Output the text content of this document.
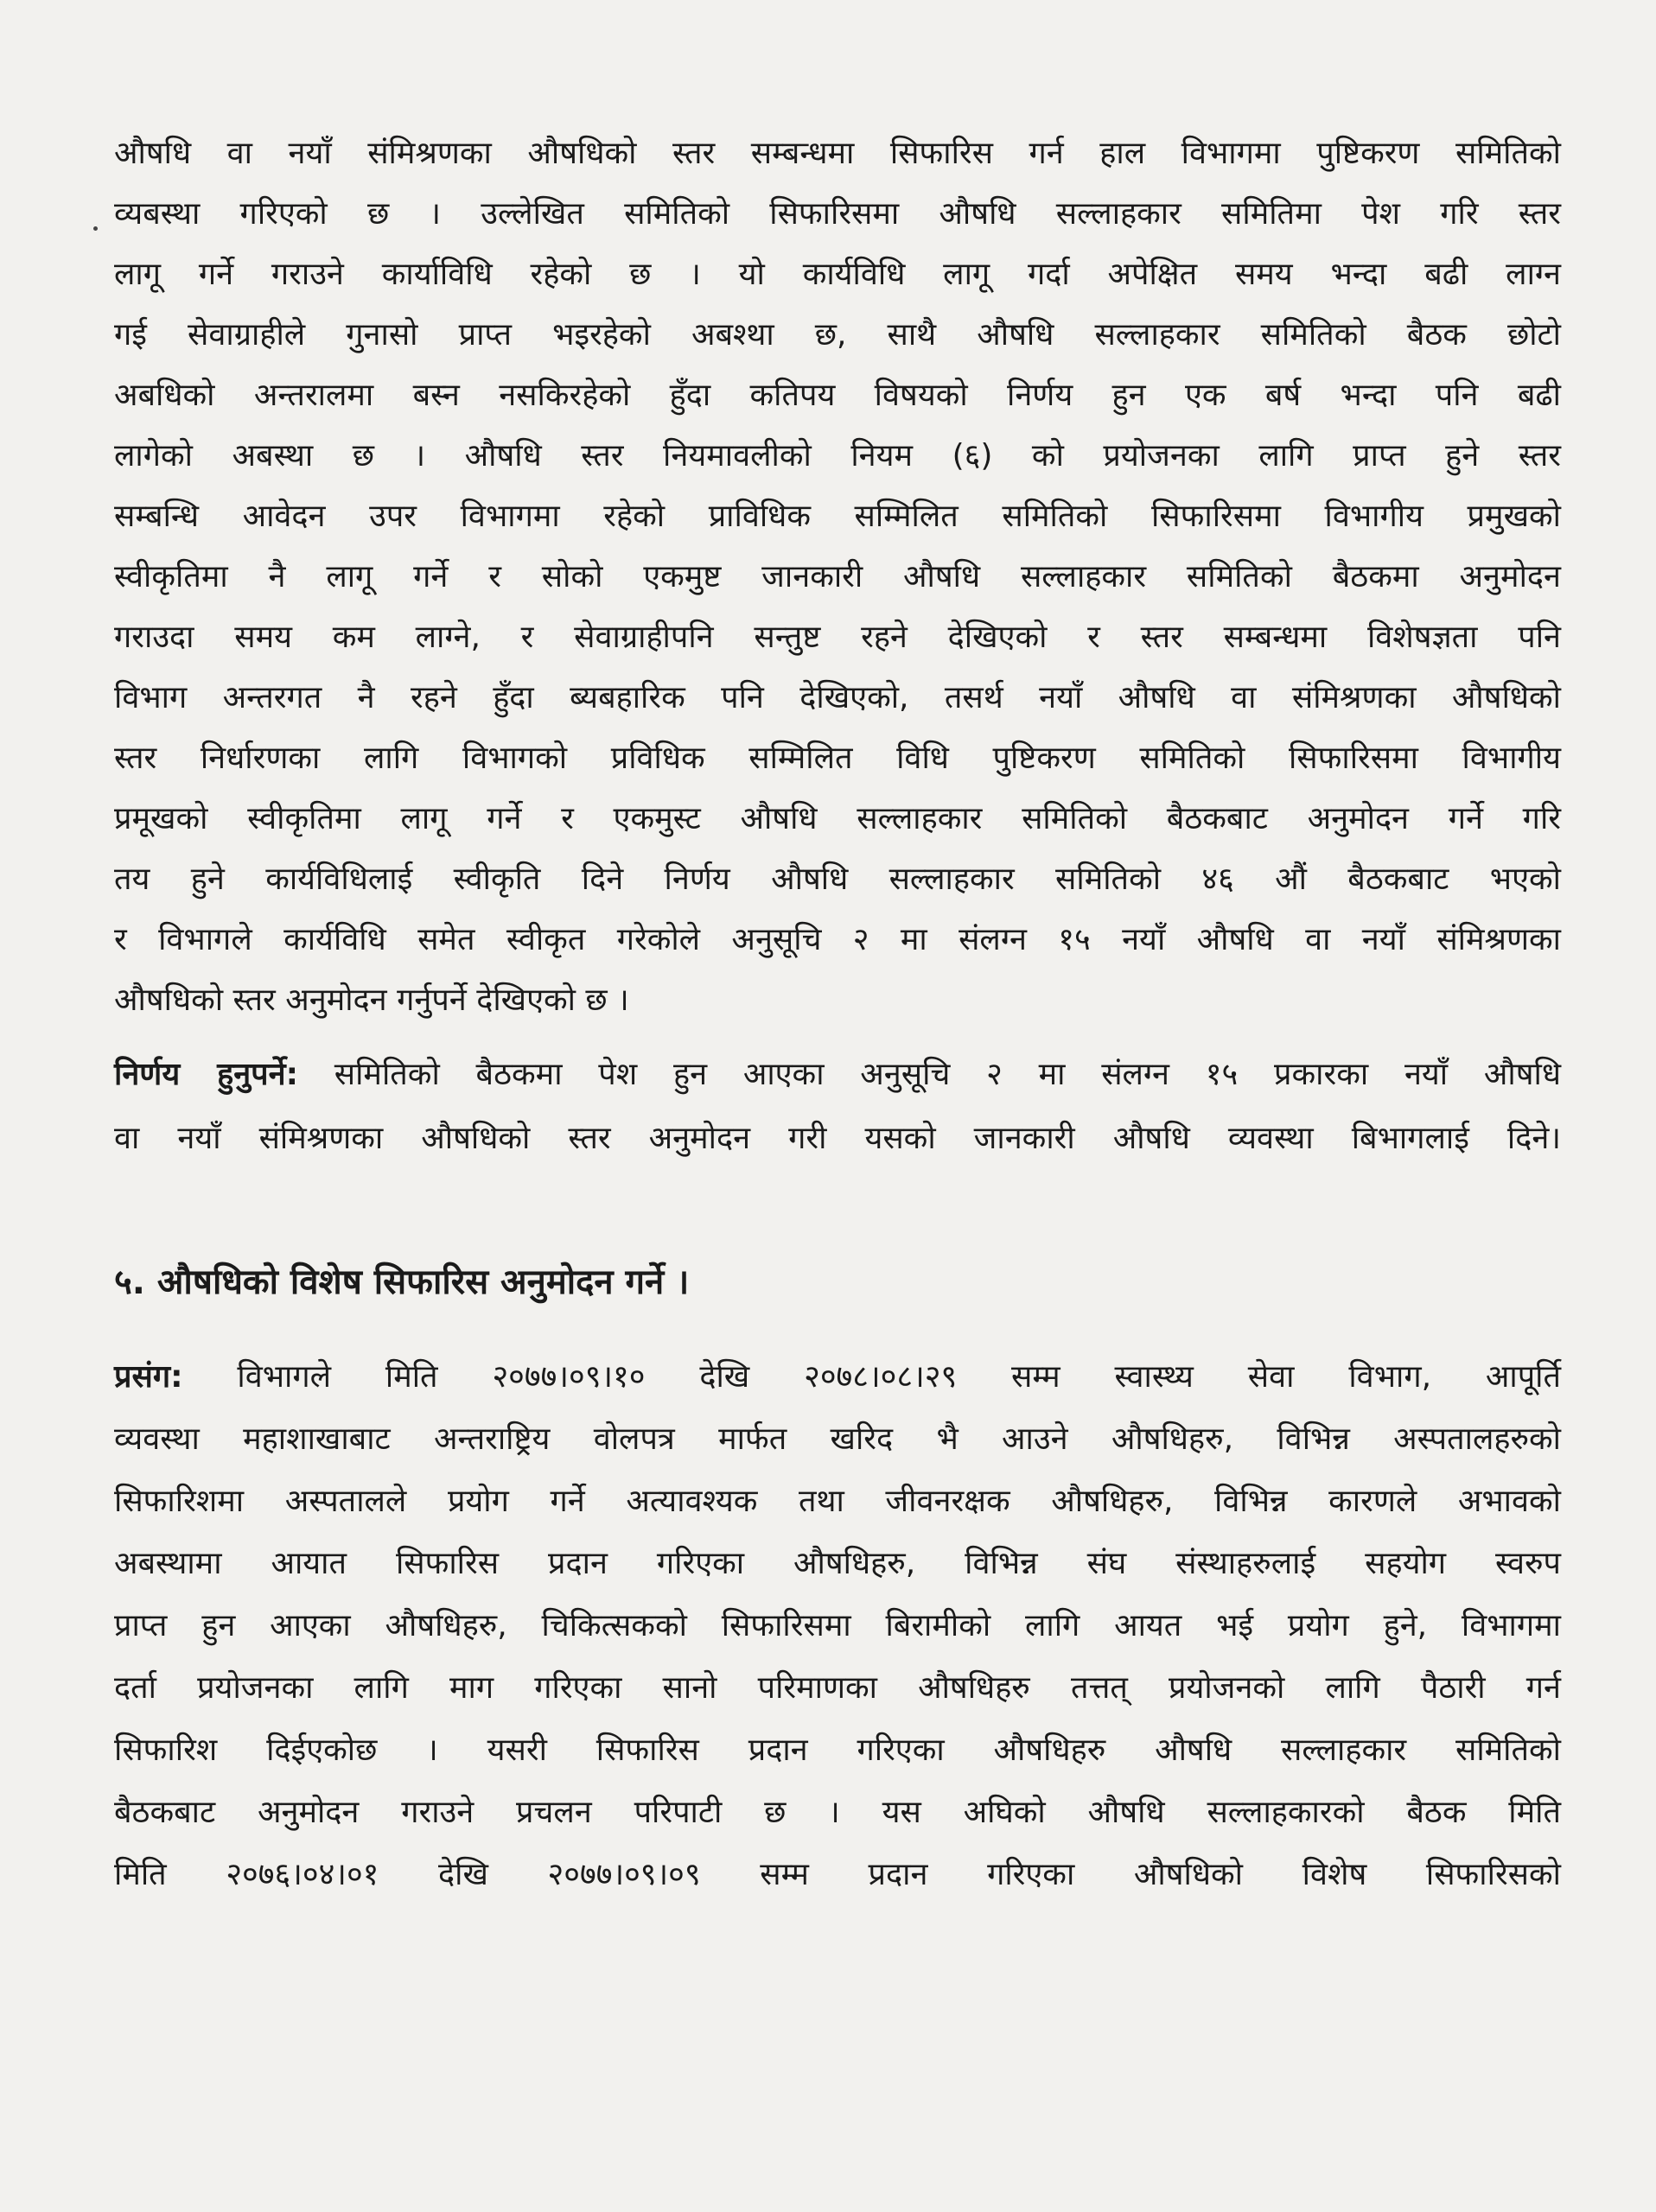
औषधि वा नयाँ संमिश्रणका औषधिको स्तर सम्बन्धमा सिफारिस गर्न हाल विभागमा पुष्टिकरण समितिको
व्यबस्था गरिएको छ । उल्लेखित समितिको सिफारिसमा औषधि सल्लाहकार समितिमा पेश गरि स्तर
लागू गर्ने गराउने कार्याविधि रहेको छ । यो कार्यविधि लागू गर्दा अपेक्षित समय भन्दा बढी लाग्न
गई सेवाग्राहीले गुनासो प्राप्त भइरहेको अबश्था छ, साथै औषधि सल्लाहकार समितिको बैठक छोटो
अबधिको अन्तरालमा बस्न नसकिरहेको हुँदा कतिपय विषयको निर्णय हुन एक बर्ष भन्दा पनि बढी
लागेको अबस्था छ । औषधि स्तर नियमावलीको नियम (६) को प्रयोजनका लागि प्राप्त हुने स्तर
सम्बन्धि आवेदन उपर विभागमा रहेको प्राविधिक सम्मिलित समितिको सिफारिसमा विभागीय प्रमुखको
स्वीकृतिमा नै लागू गर्ने र सोको एकमुष्ट जानकारी औषधि सल्लाहकार समितिको बैठकमा अनुमोदन
गराउदा समय कम लाग्ने, र सेवाग्राहीपनि सन्तुष्ट रहने देखिएको र स्तर सम्बन्धमा विशेषज्ञता पनि
विभाग अन्तरगत नै रहने हुँदा ब्यबहारिक पनि देखिएको, तसर्थ नयाँ औषधि वा संमिश्रणका औषधिको
स्तर निर्धारणका लागि विभागको प्रविधिक सम्मिलित विधि पुष्टिकरण समितिको सिफारिसमा विभागीय
प्रमूखको स्वीकृतिमा लागू गर्ने र एकमुस्ट औषधि सल्लाहकार समितिको बैठकबाट अनुमोदन गर्ने गरि
तय हुने कार्यविधिलाई स्वीकृति दिने निर्णय औषधि सल्लाहकार समितिको ४६ औं बैठकबाट भएको
र विभागले कार्यविधि समेत स्वीकृत गरेकोले अनुसूचि २ मा संलग्न १५ नयाँ औषधि वा नयाँ संमिश्रणका
औषधिको स्तर अनुमोदन गर्नुपर्ने देखिएको छ ।
निर्णय हुनुपर्ने: समितिको बैठकमा पेश हुन आएका अनुसूचि २ मा संलग्न १५ प्रकारका नयाँ औषधि
वा नयाँ संमिश्रणका औषधिको स्तर अनुमोदन गरी यसको जानकारी औषधि व्यवस्था बिभागलाई दिने।
५. औषधिको विशेष सिफारिस अनुमोदन गर्ने ।
प्रसंग: विभागले मिति २०७७।०९।१० देखि २०७८।०८।२९ सम्म स्वास्थ्य सेवा विभाग, आपूर्ति
व्यवस्था महाशाखाबाट अन्तराष्ट्रिय वोलपत्र मार्फत खरिद भै आउने औषधिहरु, विभिन्न अस्पतालहरुको
सिफारिशमा अस्पतालले प्रयोग गर्ने अत्यावश्यक तथा जीवनरक्षक औषधिहरु, विभिन्न कारणले अभावको
अबस्थामा आयात सिफारिस प्रदान गरिएका औषधिहरु, विभिन्न संघ संस्थाहरुलाई सहयोग स्वरुप
प्राप्त हुन आएका औषधिहरु, चिकित्सकको सिफारिसमा बिरामीको लागि आयत भई प्रयोग हुने, विभागमा
दर्ता प्रयोजनका लागि माग गरिएका सानो परिमाणका औषधिहरु तत्तत् प्रयोजनको लागि पैठारी गर्न
सिफारिश दिईएकोछ । यसरी सिफारिस प्रदान गरिएका औषधिहरु औषधि सल्लाहकार समितिको
बैठकबाट अनुमोदन गराउने प्रचलन परिपाटी छ । यस अघिको औषधि सल्लाहकारको बैठक मिति
मिति २०७६।०४।०१ देखि २०७७।०९।०९ सम्म प्रदान गरिएका औषधिको विशेष सिफारिसको
